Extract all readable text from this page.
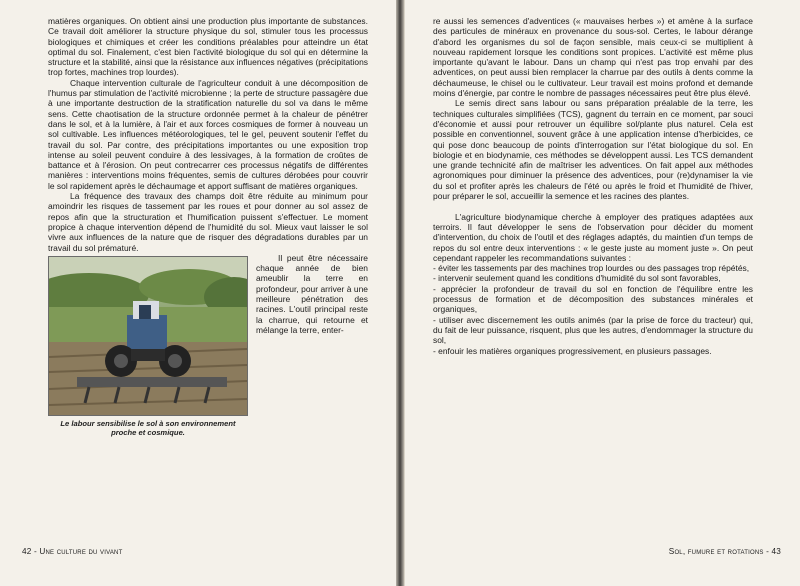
matières organiques. On obtient ainsi une production plus importante de substances. Ce travail doit améliorer la structure physique du sol, stimuler tous les processus biologiques et chimiques et créer les conditions préalables pour atteindre un état optimal du sol. Finalement, c'est bien l'activité biologique du sol qui en détermine la structure et la stabilité, ainsi que la résistance aux influences négatives (précipitations trop fortes, machines trop lourdes).

Chaque intervention culturale de l'agriculteur conduit à une décomposition de l'humus par stimulation de l'activité microbienne ; la perte de structure passagère due à une importante destruction de la stratification naturelle du sol va dans le même sens. Cette chaotisation de la structure ordonnée permet à la chaleur de pénétrer dans le sol, et à la lumière, à l'air et aux forces cosmiques de former à nouveau un sol cultivable. Les influences météorologiques, tel le gel, peuvent soutenir l'effet du travail du sol. Par contre, des précipitations importantes ou une exposition trop intense au soleil peuvent conduire à des lessivages, à la formation de croûtes de battance et à l'érosion. On peut contrecarrer ces processus négatifs de différentes manières : interventions moins fréquentes, semis de cultures dérobées pour couvrir le sol rapidement après le déchaumage et apport suffisant de matières organiques.

La fréquence des travaux des champs doit être réduite au minimum pour amoindrir les risques de tassement par les roues et pour donner au sol assez de repos afin que la structuration et l'humification puissent s'effectuer. Le moment propice à chaque intervention dépend de l'humidité du sol. Mieux vaut laisser le sol vivre aux influences de la nature que de risquer des dégradations durables par un travail du sol prématuré.

Le labour sensibilise le sol à son environnement proche et cosmique.

Il peut être nécessaire chaque année de bien ameublir la terre en profondeur, pour arriver à une meilleure pénétration des racines. L'outil principal reste la charrue, qui retourne et mélange la terre, enter-

42 - Une culture du vivant

re aussi les semences d'adventices (« mauvaises herbes ») et amène à la surface des particules de minéraux en provenance du sous-sol. Certes, le labour dérange d'abord les organismes du sol de façon sensible, mais ceux-ci se multiplient à nouveau rapidement lorsque les conditions sont propices. L'activité est même plus importante qu'avant le labour. Dans un champ qui n'est pas trop envahi par des adventices, on peut aussi bien remplacer la charrue par des outils à dents comme la déchaumeuse, le chisel ou le cultivateur. Leur travail est moins profond et demande moins d'énergie, par contre le nombre de passages nécessaires peut être plus élevé.

Le semis direct sans labour ou sans préparation préalable de la terre, les techniques culturales simplifiées (TCS), gagnent du terrain en ce moment, par souci d'économie et aussi pour retrouver un équilibre sol/plante plus naturel. Cela est possible en conventionnel, souvent grâce à une application intense d'herbicides, ce qui pose donc beaucoup de points d'interrogation sur l'état biologique du sol. En biologie et en biodynamie, ces méthodes se développent aussi. Les TCS demandent une grande technicité afin de maîtriser les adventices. On fait appel aux méthodes agronomiques pour diminuer la présence des adventices, pour (re)dynamiser la vie du sol et profiter après les chaleurs de l'été ou après le froid et l'humidité de l'hiver, pour préparer le sol, accueillir la semence et les racines des plantes.

L'agriculture biodynamique cherche à employer des pratiques adaptées aux terroirs. Il faut développer le sens de l'observation pour décider du moment d'intervention, du choix de l'outil et des réglages adaptés, du maintien d'un temps de repos du sol entre deux interventions : « le geste juste au moment juste ». On peut cependant rappeler les recommandations suivantes :

- éviter les tassements par des machines trop lourdes ou des passages trop répétés,
- intervenir seulement quand les conditions d'humidité du sol sont favorables,
- apprécier la profondeur de travail du sol en fonction de l'équilibre entre les processus de formation et de décomposition des substances minérales et organiques,
- utiliser avec discernement les outils animés (par la prise de force du tracteur) qui, du fait de leur puissance, risquent, plus que les autres, d'endommager la structure du sol,
- enfouir les matières organiques progressivement, en plusieurs passages.
Sol, fumure et rotations - 43
